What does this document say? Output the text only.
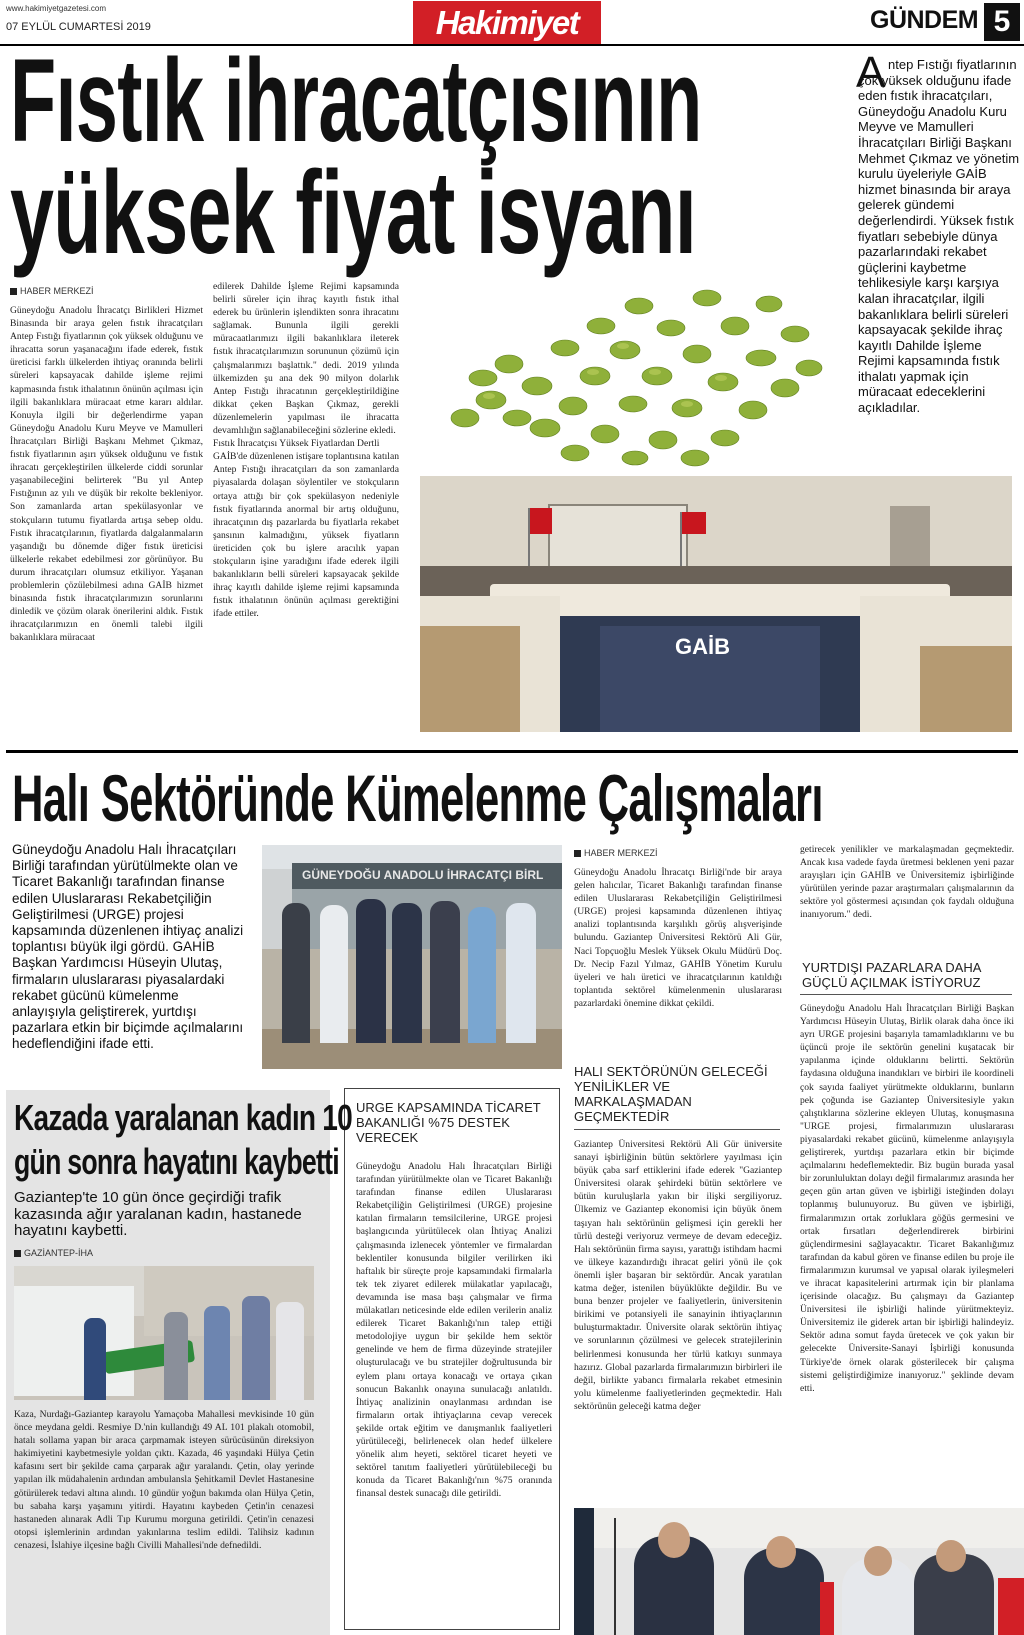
www.hakimiyetgazetesi.com
07 EYLÜL CUMARTESİ 2019	Hakimiyet	GÜNDEM 5
Fıstık ihracatçısının
yüksek fiyat isyanı
A ntep Fıstığı fiyatlarının çok yüksek olduğunu ifade eden fıstık ihracatçıları, Güneydoğu Anadolu Kuru Meyve ve Mamulleri İhracatçıları Birliği Başkanı Mehmet Çıkmaz ve yönetim kurulu üyeleriyle GAİB hizmet binasında bir araya gelerek gündemi değerlendirdi. Yüksek fıstık fiyatları sebebiyle dünya pazarlarındaki rekabet güçlerini kaybetme tehlikesiyle karşı karşıya kalan ihracatçılar, ilgili bakanlıklara belirli süreleri kapsayacak şekilde ihraç kayıtlı Dahilde İşleme Rejimi kapsamında fıstık ithalatı yapmak için müracaat edeceklerini açıkladılar.
HABER MERKEZİ
Güneydoğu Anadolu İhracatçı Birlikleri Hizmet Binasında bir araya gelen fıstık ihracatçıları Antep Fıstığı fiyatlarının çok yüksek olduğunu ve ihracatta sorun yaşanacağını ifade ederek, fıstık üreticisi farklı ülkelerden ihtiyaç oranında belirli süreleri kapsayacak dahilde işleme rejimi kapmasında fıstık ithalatının önünün açılması için ilgili bakanlıklara müracaat etme kararı aldılar. Konuyla ilgili bir değerlendirme yapan Güneydoğu Anadolu Kuru Meyve ve Mamulleri İhracatçıları Birliği Başkanı Mehmet Çıkmaz, fıstık fiyatlarının aşırı yüksek olduğunu ve fıstık ihracatı gerçekleştirilen ülkelerde ciddi sorunlar yaşanabileceğini belirterek "Bu yıl Antep Fıstığının az yılı ve düşük bir rekolte bekleniyor. Son zamanlarda artan spekülasyonlar ve stokçuların tutumu fiyatlarda artışa sebep oldu. Fıstık ihracatçılarının, fiyatlarda dalgalanmaların yaşandığı bu dönemde diğer fıstık üreticisi ülkelerle rekabet edebilmesi zor görünüyor. Bu durum ihracatçıları olumsuz etkiliyor. Yaşanan problemlerin çözülebilmesi adına GAİB hizmet binasında fıstık ihracatçılarımızın sorunlarını dinledik ve çözüm olarak önerilerini aldık. Fıstık ihracatçılarımızın en önemli talebi ilgili bakanlıklara müracaat
edilerek Dahilde İşleme Rejimi kapsamında belirli süreler için ihraç kayıtlı fıstık ithal ederek bu ürünlerin işlendikten sonra ihracatını sağlamak. Bununla ilgili gerekli müracaatlarımızı ilgili bakanlıklara ileterek fıstık ihracatçılarımızın sorununun çözümü için çalışmalarımızı başlattık." dedi. 2019 yılında ülkemizden şu ana dek 90 milyon dolarlık Antep Fıstığı ihracatının gerçekleştirildiğine dikkat çeken Başkan Çıkmaz, gerekli düzenlemelerin yapılması ile ihracatta devamlılığın sağlanabileceğini sözlerine ekledi.
Fıstık İhracatçısı Yüksek Fiyatlardan Dertli
GAİB'de düzenlenen istişare toplantısına katılan Antep Fıstığı ihracatçıları da son zamanlarda piyasalarda dolaşan söylentiler ve stokçuların ortaya attığı bir çok spekülasyon nedeniyle fıstık fiyatlarında anormal bir artış olduğunu, ihracatçının dış pazarlarda bu fiyatlarla rekabet şansının kalmadığını, yüksek fiyatların üreticiden çok bu işlere aracılık yapan stokçuların işine yaradığını ifade ederek ilgili bakanlıkların belli süreleri kapsayacak şekilde ihraç kayıtlı dahilde işleme rejimi kapsamında fıstık ithalatının önünün açılması gerektiğini ifade ettiler.
GAİB
Halı Sektöründe Kümelenme Çalışmaları
Güneydoğu Anadolu Halı İhracatçıları Birliği tarafından yürütülmekte olan ve Ticaret Bakanlığı tarafından finanse edilen Uluslararası Rekabetçiliğin Geliştirilmesi (URGE) projesi kapsamında düzenlenen ihtiyaç analizi toplantısı büyük ilgi gördü. GAHİB Başkan Yardımcısı Hüseyin Ulutaş, firmaların uluslararası piyasalardaki rekabet gücünü kümelenme anlayışıyla geliştirerek, yurtdışı pazarlara etkin bir biçimde açılmalarını hedeflendiğini ifade etti.
GÜNEYDOĞU ANADOLU İHRACATÇI BİRL
HABER MERKEZİ
Güneydoğu Anadolu İhracatçı Birliği'nde bir araya gelen halıcılar, Ticaret Bakanlığı tarafından finanse edilen Uluslararası Rekabetçiliğin Geliştirilmesi (URGE) projesi kapsamında düzenlenen ihtiyaç analizi toplantısında karşılıklı görüş alışverişinde bulundu. Gaziantep Üniversitesi Rektörü Ali Gür, Naci Topçuoğlu Meslek Yüksek Okulu Müdürü Doç. Dr. Necip Fazıl Yılmaz, GAHİB Yönetim Kurulu üyeleri ve halı üretici ve ihracatçılarının katıldığı toplantıda sektörel kümelenmenin uluslararası pazarlardaki önemine dikkat çekildi.
HALI SEKTÖRÜNÜN GELECEĞİ YENİLİKLER VE MARKALAŞMADAN GEÇMEKTEDİR
Gaziantep Üniversitesi Rektörü Ali Gür üniversite sanayi işbirliğinin bütün sektörlere yayılması için büyük çaba sarf ettiklerini ifade ederek "Gaziantep Üniversitesi olarak şehirdeki bütün sektörlere ve bütün kuruluşlarla yakın bir ilişki sergiliyoruz. Ülkemiz ve Gaziantep ekonomisi için büyük önem taşıyan halı sektörünün gelişmesi için gerekli her türlü desteği veriyoruz vermeye de devam edeceğiz. Halı sektörünün firma sayısı, yarattığı istihdam hacmi ve ülkeye kazandırdığı ihracat geliri yönü ile çok önemli işler başaran bir sektördür. Ancak yaratılan katma değer, istenilen büyüklükte değildir. Bu ve buna benzer projeler ve faaliyetlerin, üniversitenin birikimi ve potansiyeli ile sanayinin ihtiyaçlarının buluşturmaktadır. Üniversite olarak sektörün ihtiyaç ve sorunlarının çözülmesi ve gelecek stratejilerinin belirlenmesi konusunda her türlü katkıyı sunmaya hazırız. Global pazarlarda firmalarımızın birbirleri ile değil, birlikte yabancı firmalarla rekabet etmesinin yolu kümelenme faaliyetlerinden geçmektedir. Halı sektörünün geleceği katma değer
getirecek yenilikler ve markalaşmadan geçmektedir. Ancak kısa vadede fayda üretmesi beklenen yeni pazar arayışları için GAHİB ve Üniversitemiz işbirliğinde yürütülen yerinde pazar araştırmaları çalışmalarının da sektöre yol göstermesi açısından çok faydalı olduğuna inanıyorum." dedi.
YURTDIŞI PAZARLARA DAHA GÜÇLÜ AÇILMAK İSTİYORUZ
Güneydoğu Anadolu Halı İhracatçıları Birliği Başkan Yardımcısı Hüseyin Ulutaş, Birlik olarak daha önce iki ayrı URGE projesini başarıyla tamamladıklarını ve bu üçüncü proje ile sektörün genelini kuşatacak bir yapılanma içinde olduklarını belirtti. Sektörün faydasına olduğuna inandıkları ve birbiri ile koordineli çok sayıda faaliyet yürütmekte olduklarını, bunların pek çoğunda ise Gaziantep Üniversitesiyle yakın çalıştıklarına sözlerine ekleyen Ulutaş, konuşmasına "URGE projesi, firmalarımızın uluslararası piyasalardaki rekabet gücünü, kümelenme anlayışıyla geliştirerek, yurtdışı pazarlara etkin bir biçimde açılmalarını hedeflemektedir. Biz bugün burada yasal bir zorunluluktan dolayı değil firmalarımız arasında her geçen gün artan güven ve işbirliği isteğinden dolayı toplanmış bulunuyoruz. Bu güven ve işbirliği, firmalarımızın ortak zorluklara göğüs germesini ve ortak fırsatları değerlendirerek birbirini güçlendirmesini sağlayacaktır. Ticaret Bakanlığımız tarafından da kabul gören ve finanse edilen bu proje ile firmalarımızın kurumsal ve yapısal olarak iyileşmeleri ve ihracat kapasitelerini artırmak için bir planlama içerisinde olacağız. Bu çalışmayı da Gaziantep Üniversitesi ile işbirliği halinde yürütmekteyiz. Üniversitemiz ile giderek artan bir işbirliği halindeyiz. Sektör adına somut fayda üretecek ve çok yakın bir gelecekte Üniversite-Sanayi İşbirliği konusunda Türkiye'de örnek olarak gösterilecek bir çalışma sistemi geliştirdiğimize inanıyoruz." şeklinde devam etti.
URGE KAPSAMINDA TİCARET BAKANLIĞI %75 DESTEK VERECEK
Güneydoğu Anadolu Halı İhracatçıları Birliği tarafından yürütülmekte olan ve Ticaret Bakanlığı tarafından finanse edilen Uluslararası Rekabetçiliğin Geliştirilmesi (URGE) projesine katılan firmaların temsilcilerine, URGE projesi başlangıcında yürütülecek olan İhtiyaç Analizi çalışmasında izlenecek yöntemler ve firmalardan beklentiler konusunda bilgiler verilirken iki haftalık bir süreçte proje kapsamındaki firmalarla tek tek ziyaret edilerek mülakatlar yapılacağı, devamında ise masa başı çalışmalar ve firma mülakatları neticesinde elde edilen verilerin analiz edilerek Ticaret Bakanlığı'nın talep ettiği metodolojiye uygun bir şekilde hem sektör genelinde ve hem de firma düzeyinde stratejiler oluşturulacağı ve bu stratejiler doğrultusunda bir eylem planı ortaya konacağı ve ortaya çıkan sonucun Bakanlık onayına sunulacağı anlatıldı. İhtiyaç analizinin onaylanması ardından ise firmaların ortak ihtiyaçlarına cevap verecek şekilde ortak eğitim ve danışmanlık faaliyetleri yürütüleceği, belirlenecek olan hedef ülkelere yönelik alım heyeti, sektörel ticaret heyeti ve sektörel tanıtım faaliyetleri yürütülebileceği bu konuda da Ticaret Bakanlığı'nın %75 oranında finansal destek sunacağı dile getirildi.
Kazada yaralanan kadın 10
gün sonra hayatını kaybetti
Gaziantep'te 10 gün önce geçirdiği trafik kazasında ağır yaralanan kadın, hastanede hayatını kaybetti.
GAZİANTEP-İHA
Kaza, Nurdağı-Gaziantep karayolu Yamaçoba Mahallesi mevkisinde 10 gün önce meydana geldi. Resmiye D.'nin kullandığı 49 AL 101 plakalı otomobil, hatalı sollama yapan bir araca çarpmamak isteyen sürücüsünün direksiyon hakimiyetini kaybetmesiyle yoldan çıktı. Kazada, 46 yaşındaki Hülya Çetin kafasını sert bir şekilde cama çarparak ağır yaralandı. Çetin, olay yerinde yapılan ilk müdahalenin ardından ambulansla Şehitkamil Devlet Hastanesine götürülerek tedavi altına alındı. 10 gündür yoğun bakımda olan Hülya Çetin, bu sabaha karşı yaşamını yitirdi. Hayatını kaybeden Çetin'in cenazesi hastaneden alınarak Adli Tıp Kurumu morguna getirildi. Çetin'in cenazesi otopsi işlemlerinin ardından yakınlarına teslim edildi. Talihsiz kadının cenazesi, İslahiye ilçesine bağlı Civilli Mahallesi'nde defnedildi.
